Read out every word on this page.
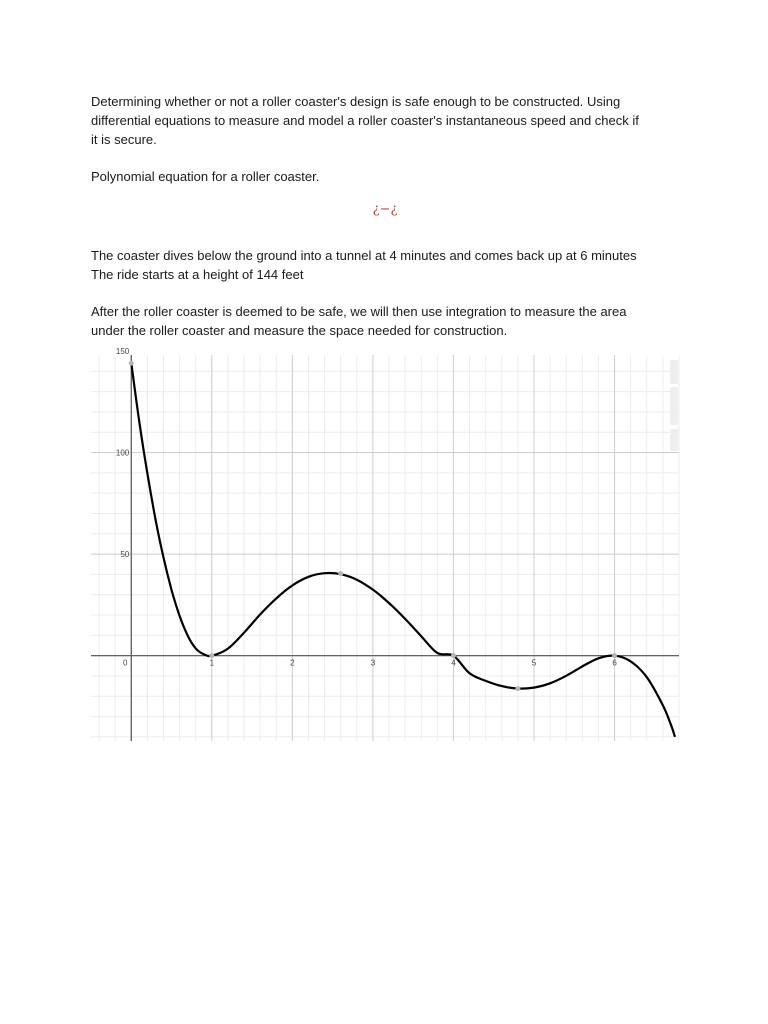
Determining whether or not a roller coaster's design is safe enough to be constructed. Using
differential equations to measure and model a roller coaster's instantaneous speed and check if
it is secure.

Polynomial equation for a roller coaster.

¿−¿
The coaster dives below the ground into a tunnel at 4 minutes and comes back up at 6 minutes
The ride starts at a height of 144 feet
After the roller coaster is deemed to be safe, we will then use integration to measure the area
under the roller coaster and measure the space needed for construction.
0	1	2	3	4	5	6
50
100
150
